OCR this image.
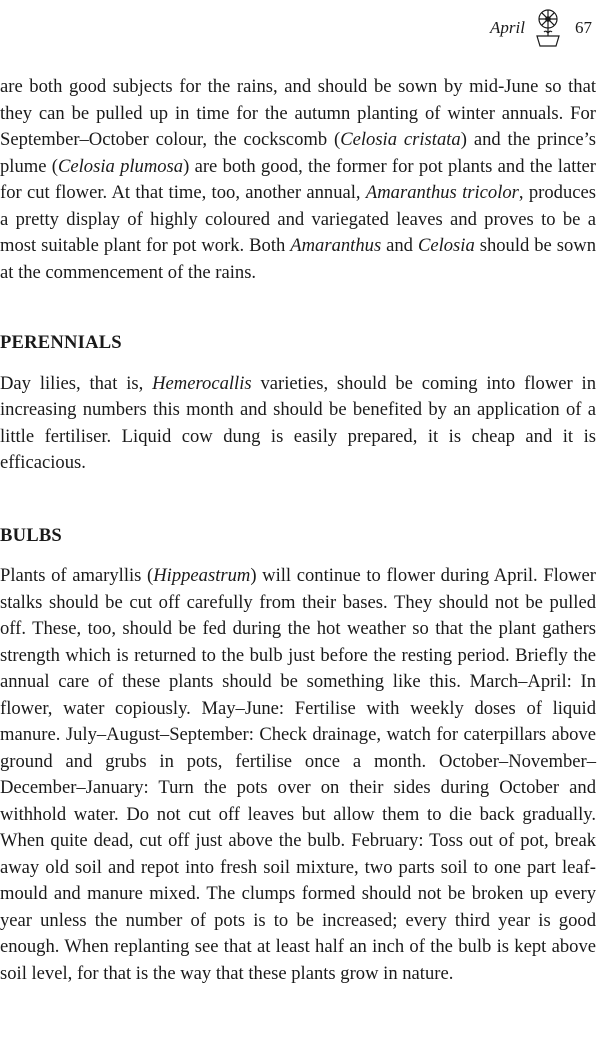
April	67

are both good subjects for the rains, and should be sown by mid-June so that they can be pulled up in time for the autumn planting of winter annuals. For September–October colour, the cockscomb (Celosia cristata) and the prince’s plume (Celosia plumosa) are both good, the former for pot plants and the latter for cut flower. At that time, too, another annual, Amaranthus tricolor, produces a pretty display of highly coloured and variegated leaves and proves to be a most suitable plant for pot work. Both Amaranthus and Celosia should be sown at the commencement of the rains.

PERENNIALS

Day lilies, that is, Hemerocallis varieties, should be coming into flower in increasing numbers this month and should be benefited by an application of a little fertiliser. Liquid cow dung is easily prepared, it is cheap and it is efficacious.

BULBS

Plants of amaryllis (Hippeastrum) will continue to flower during April. Flower stalks should be cut off carefully from their bases. They should not be pulled off. These, too, should be fed during the hot weather so that the plant gathers strength which is returned to the bulb just before the resting period. Briefly the annual care of these plants should be something like this. March–April: In flower, water copiously. May–June: Fertilise with weekly doses of liquid manure. July–August–September: Check drainage, watch for caterpillars above ground and grubs in pots, fertilise once a month. October–November–December–January: Turn the pots over on their sides during October and withhold water. Do not cut off leaves but allow them to die back gradually. When quite dead, cut off just above the bulb. February: Toss out of pot, break away old soil and repot into fresh soil mixture, two parts soil to one part leaf-mould and manure mixed. The clumps formed should not be broken up every year unless the number of pots is to be increased; every third year is good enough. When replanting see that at least half an inch of the bulb is kept above soil level, for that is the way that these plants grow in nature.
